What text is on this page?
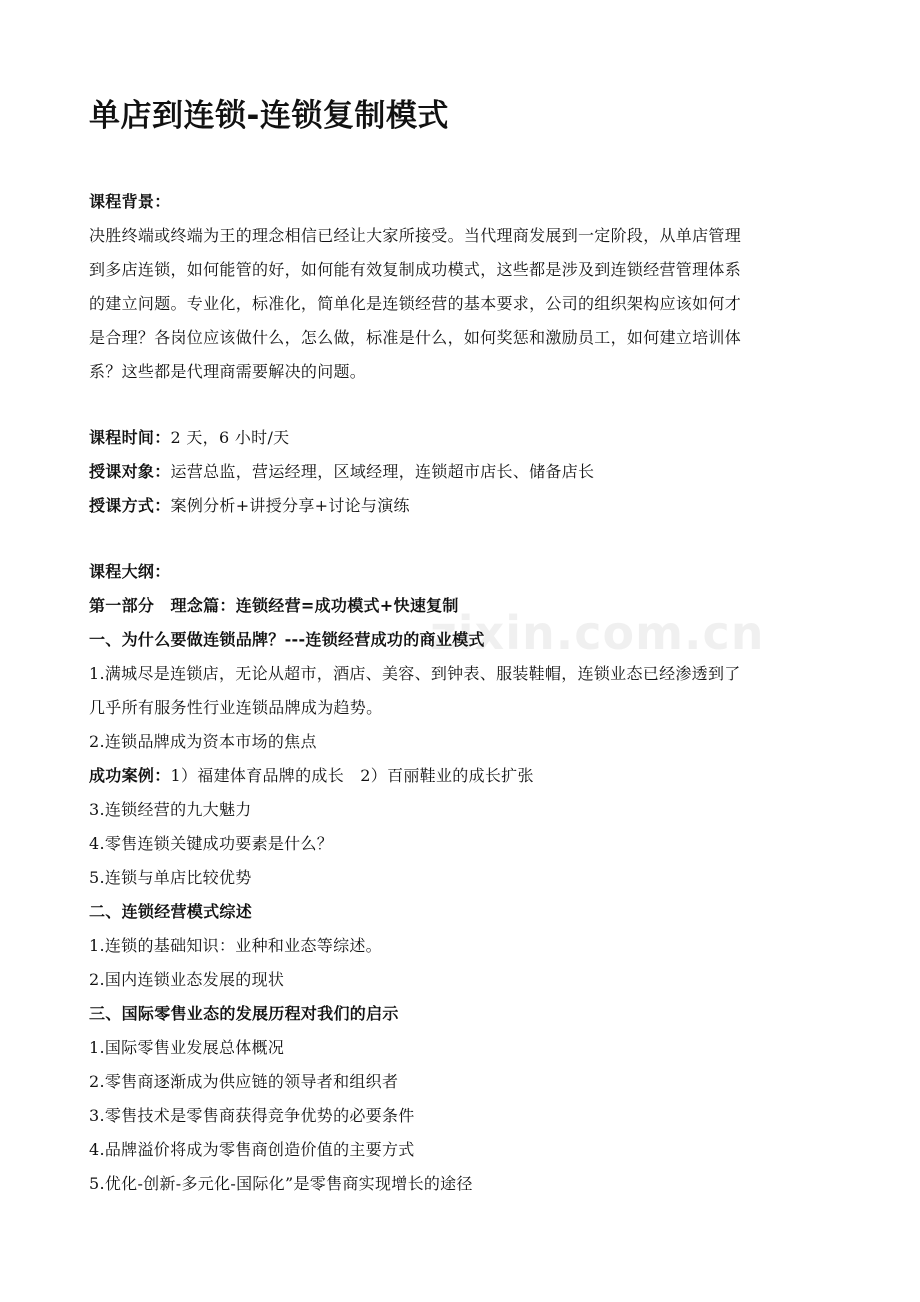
zixin.com.cn
单店到连锁-连锁复制模式
课程背景：
决胜终端或终端为王的理念相信已经让大家所接受。当代理商发展到一定阶段，从单店管理
到多店连锁，如何能管的好，如何能有效复制成功模式，这些都是涉及到连锁经营管理体系
的建立问题。专业化，标准化，简单化是连锁经营的基本要求，公司的组织架构应该如何才
是合理？各岗位应该做什么，怎么做，标准是什么，如何奖惩和激励员工，如何建立培训体
系？这些都是代理商需要解决的问题。
课程时间：2 天，6 小时/天
授课对象：运营总监，营运经理，区域经理，连锁超市店长、储备店长
授课方式：案例分析+讲授分享+讨论与演练
课程大纲：
第一部分　理念篇：连锁经营=成功模式+快速复制
一、为什么要做连锁品牌？---连锁经营成功的商业模式
1.满城尽是连锁店，无论从超市，酒店、美容、到钟表、服装鞋帽，连锁业态已经渗透到了
几乎所有服务性行业连锁品牌成为趋势。
2.连锁品牌成为资本市场的焦点
成功案例：1）福建体育品牌的成长　2）百丽鞋业的成长扩张
3.连锁经营的九大魅力
4.零售连锁关键成功要素是什么？
5.连锁与单店比较优势
二、连锁经营模式综述
1.连锁的基础知识：业种和业态等综述。
2.国内连锁业态发展的现状
三、国际零售业态的发展历程对我们的启示
1.国际零售业发展总体概况
2.零售商逐渐成为供应链的领导者和组织者
3.零售技术是零售商获得竞争优势的必要条件
4.品牌溢价将成为零售商创造价值的主要方式
5.优化-创新-多元化-国际化”是零售商实现增长的途径
